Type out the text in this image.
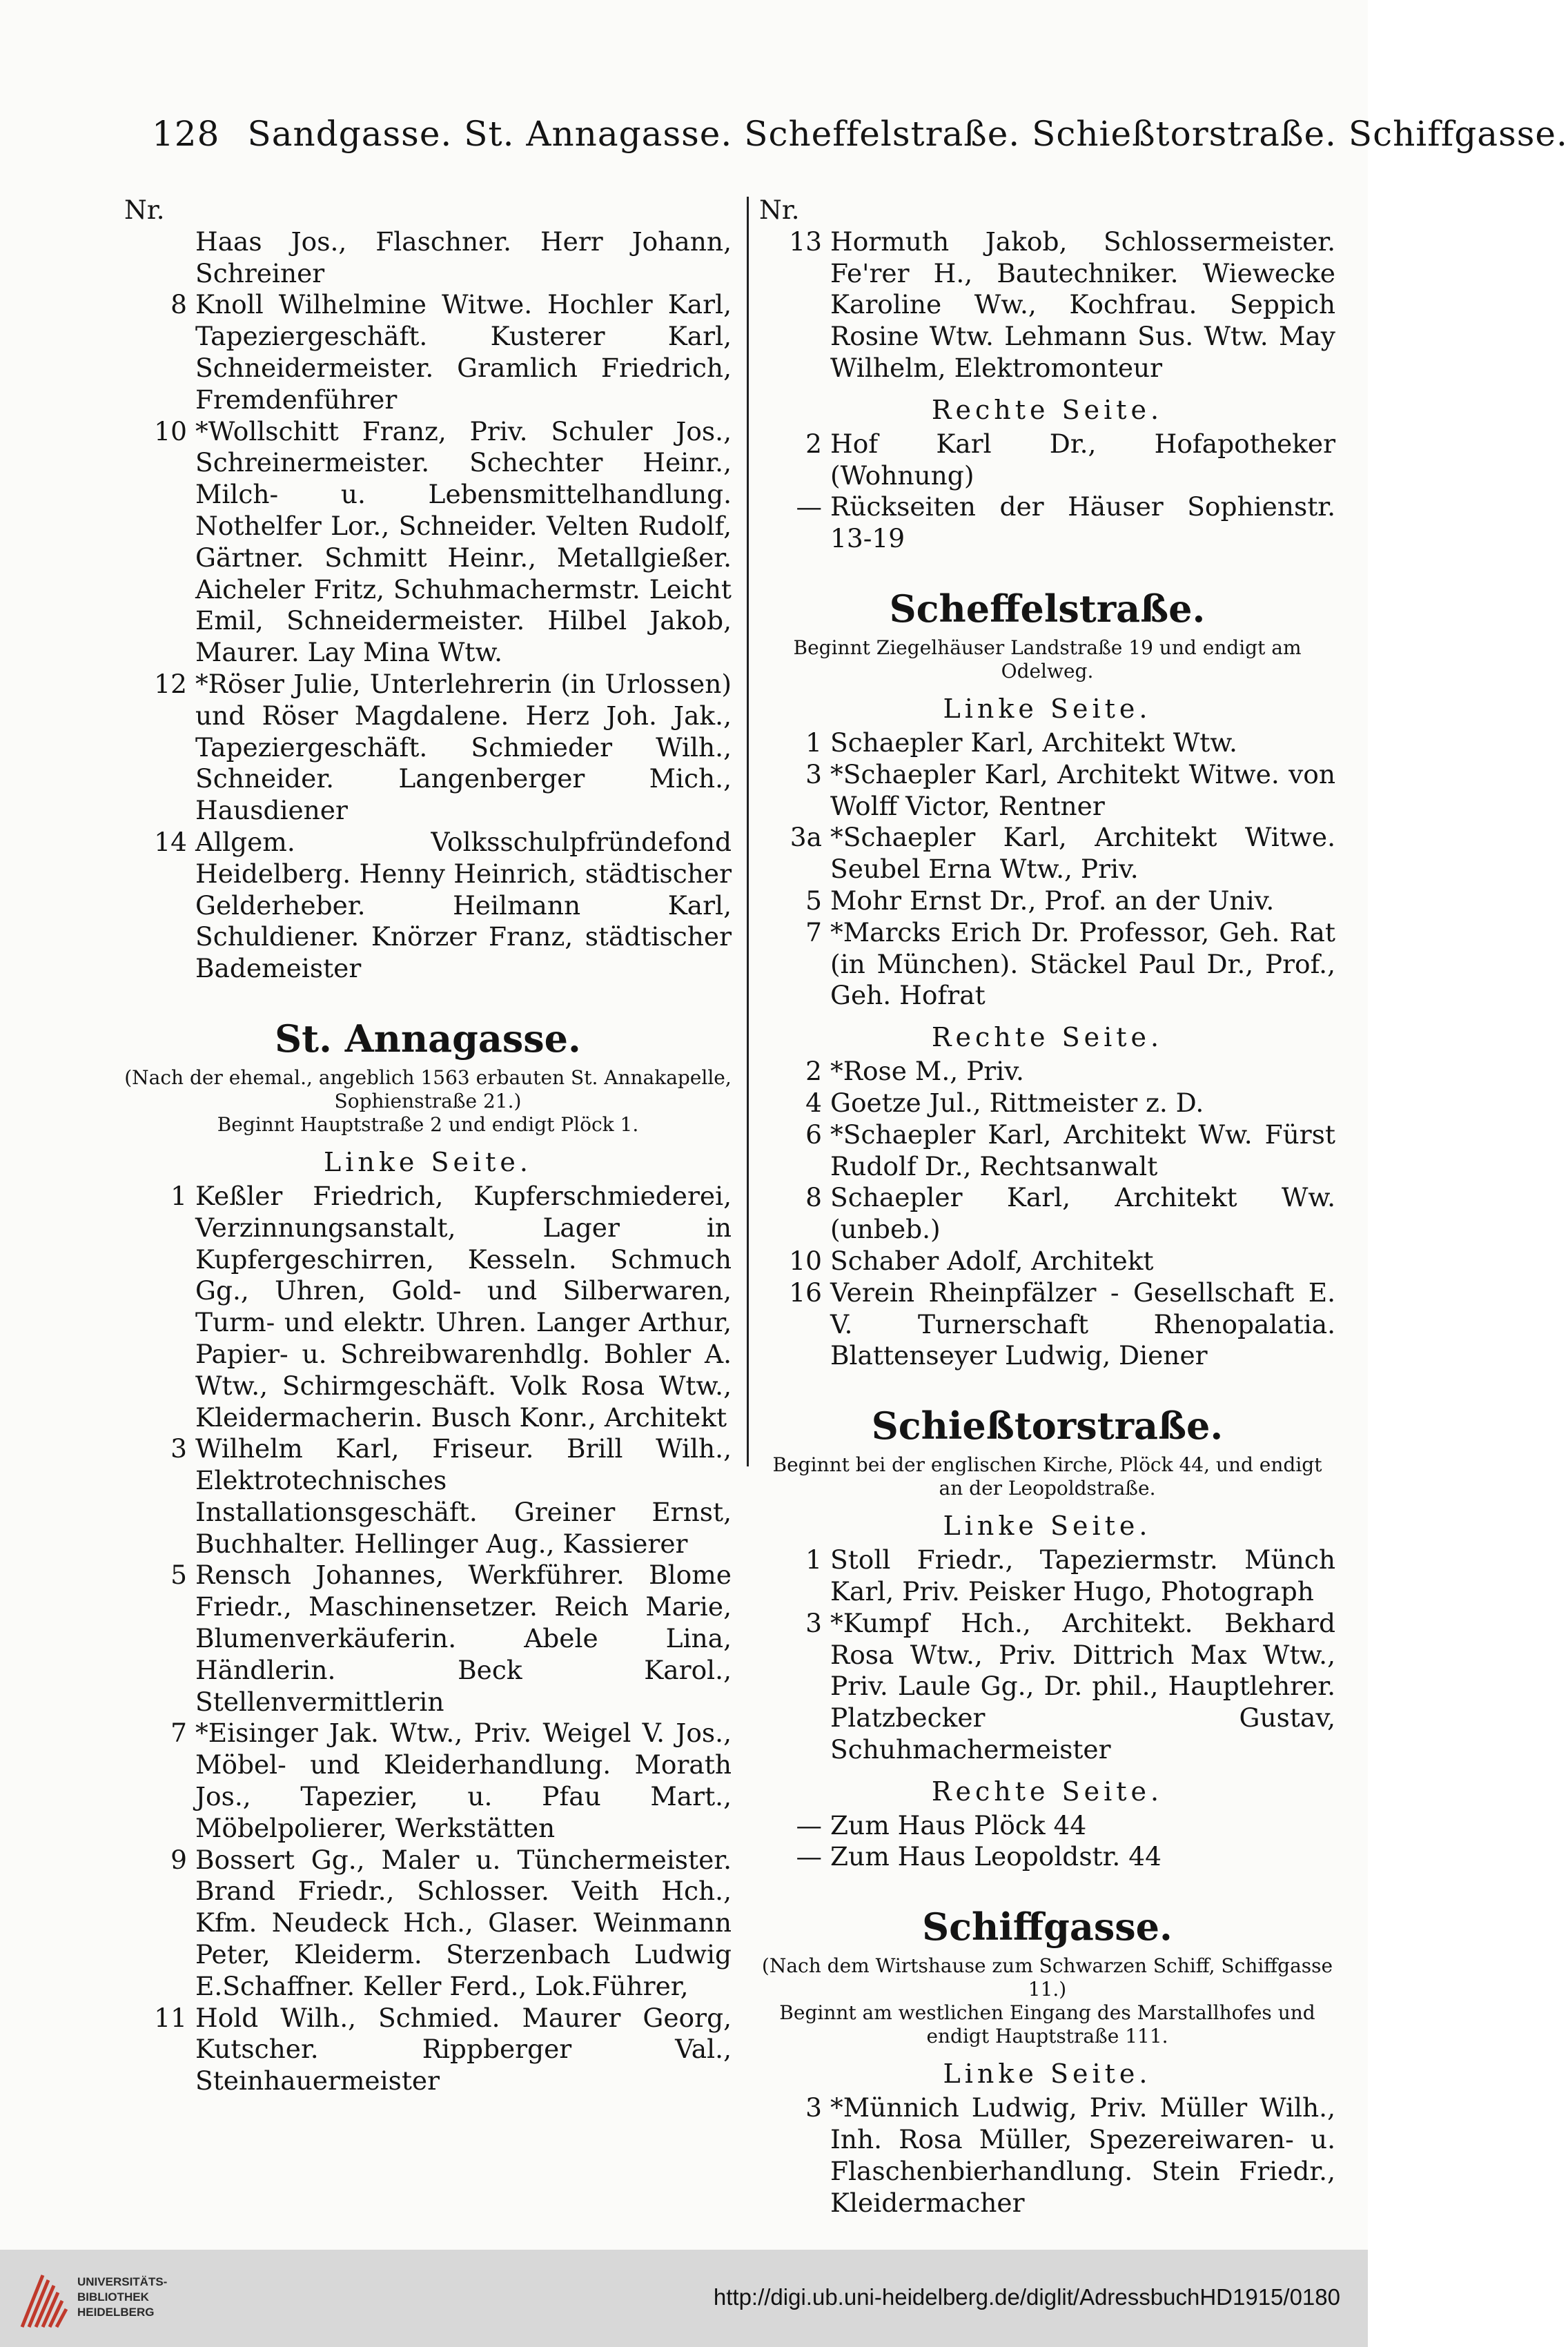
128 Sandgasse. St. Annagasse. Scheffelstraße. Schießtorstraße. Schiffgasse.
Nr.
Haas Jos., Flaschner. Herr Johann, Schreiner
8 Knoll Wilhelmine Witwe. Hochler Karl, Tapeziergeschäft. Kusterer Karl, Schneidermeister. Gramlich Friedrich, Fremdenführer
10 *Wollschitt Franz, Priv. Schuler Jos., Schreinermeister. Schechter Heinr., Milch- u. Lebensmittelhandlung. Nothelfer Lor., Schneider. Velten Rudolf, Gärtner. Schmitt Heinr., Metallgießer. Aicheler Fritz, Schuhmachermstr. Leicht Emil, Schneidermeister. Hilbel Jakob, Maurer. Lay Mina Wtw.
12 *Röser Julie, Unterlehrerin (in Urlossen) und Röser Magdalene. Herz Joh. Jak., Tapeziergeschäft. Schmieder Wilh., Schneider. Langenberger Mich., Hausdiener
14 Allgem. Volksschulpfründefond Heidelberg. Henny Heinrich, städtischer Gelderheber. Heilmann Karl, Schuldiener. Knörzer Franz, städtischer Bademeister
St. Annagasse.
(Nach der ehemal., angeblich 1563 erbauten St. Annakapelle, Sophienstraße 21.)
Beginnt Hauptstraße 2 und endigt Plöck 1.
Linke Seite.
1 Keßler Friedrich, Kupferschmiederei, Verzinnungsanstalt, Lager in Kupfergeschirren, Kesseln. Schmuch Gg., Uhren, Gold- und Silberwaren, Turm- und elektr. Uhren. Langer Arthur, Papier- u. Schreibwarenhdlg. Bohler A. Wtw., Schirmgeschäft. Volk Rosa Wtw., Kleidermacherin. Busch Konr., Architekt
3 Wilhelm Karl, Friseur. Brill Wilh., Elektrotechnisches Installationsgeschäft. Greiner Ernst, Buchhalter. Hellinger Aug., Kassierer
5 Rensch Johannes, Werkführer. Blome Friedr., Maschinensetzer. Reich Marie, Blumenverkäuferin. Abele Lina, Händlerin. Beck Karol., Stellenvermittlerin
7 *Eisinger Jak. Wtw., Priv. Weigel V. Jos., Möbel- und Kleiderhandlung. Morath Jos., Tapezier, u. Pfau Mart., Möbelpolierer, Werkstätten
9 Bossert Gg., Maler u. Tünchermeister. Brand Friedr., Schlosser. Veith Hch., Kfm. Neudeck Hch., Glaser. Weinmann Peter, Kleiderm. Sterzenbach Ludwig E.Schaffner. Keller Ferd., Lok.Führer,
11 Hold Wilh., Schmied. Maurer Georg, Kutscher. Rippberger Val., Steinhauermeister
Nr.
13 Hormuth Jakob, Schlossermeister. Fe'rer H., Bautechniker. Wiewecke Karoline Ww., Kochfrau. Seppich Rosine Wtw. Lehmann Sus. Wtw. May Wilhelm, Elektromonteur
Rechte Seite.
2 Hof Karl Dr., Hofapotheker (Wohnung)
— Rückseiten der Häuser Sophienstr. 13-19
Scheffelstraße.
Beginnt Ziegelhäuser Landstraße 19 und endigt am Odelweg.
Linke Seite.
1 Schaepler Karl, Architekt Wtw.
3 *Schaepler Karl, Architekt Witwe. von Wolff Victor, Rentner
3a *Schaepler Karl, Architekt Witwe. Seubel Erna Wtw., Priv.
5 Mohr Ernst Dr., Prof. an der Univ.
7 *Marcks Erich Dr. Professor, Geh. Rat (in München). Stäckel Paul Dr., Prof., Geh. Hofrat
Rechte Seite.
2 *Rose M., Priv.
4 Goetze Jul., Rittmeister z. D.
6 *Schaepler Karl, Architekt Ww. Fürst Rudolf Dr., Rechtsanwalt
8 Schaepler Karl, Architekt Ww. (unbeb.)
10 Schaber Adolf, Architekt
16 Verein Rheinpfälzer - Gesellschaft E. V. Turnerschaft Rhenopalatia. Blattenseyer Ludwig, Diener
Schießtorstraße.
Beginnt bei der englischen Kirche, Plöck 44, und endigt an der Leopoldstraße.
Linke Seite.
1 Stoll Friedr., Tapeziermstr. Münch Karl, Priv. Peisker Hugo, Photograph
3 *Kumpf Hch., Architekt. Bekhard Rosa Wtw., Priv. Dittrich Max Wtw., Priv. Laule Gg., Dr. phil., Hauptlehrer. Platzbecker Gustav, Schuhmachermeister
Rechte Seite.
— Zum Haus Plöck 44
— Zum Haus Leopoldstr. 44
Schiffgasse.
(Nach dem Wirtshause zum Schwarzen Schiff, Schiffgasse 11.)
Beginnt am westlichen Eingang des Marstallhofes und endigt Hauptstraße 111.
Linke Seite.
3 *Münnich Ludwig, Priv. Müller Wilh., Inh. Rosa Müller, Spezereiwaren- u. Flaschenbierhandlung. Stein Friedr., Kleidermacher
UNIVERSITÄTS-
BIBLIOTHEK
HEIDELBERG
http://digi.ub.uni-heidelberg.de/diglit/AdressbuchHD1915/0180
